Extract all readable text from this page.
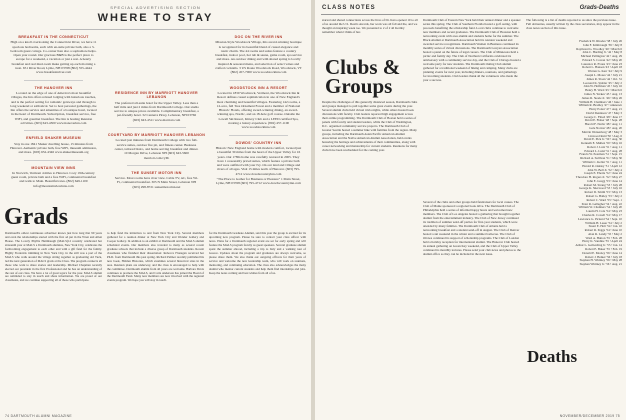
SPECIAL ADVERTISING SECTION
WHERE TO STAY
BREAKFAST IN THE CONNECTICUT
High on a knoll overlooking the Connecticut River, we have 11 spacious bedrooms, each with en-suite private bath, also a 3-bedroom guest cottage. Co-owner Ken also a sophomore helps. Open year round. Our gracious B&B is the perfect place to escape for a weekend, a vacation or just a rest. A hearty breakfast and real mud-room make getting up each morning a treat. 651 River Road, Lyme, NH 03768 (802) 355-4444 www.breakfastnriver.com
THE HANOVER INN
Located on the edge of one of America's most beautiful villages, the Inn offers relaxed lodging with luxurious touches, and is the perfect setting for romantic getaways and through to long weekend or sabbatical. Set to host personal gatherings, the Inn offers the service and amenities of a boutique hotel, located in the heart of Dartmouth. Subscription, breakfast service, free WiFi, and gourmet breakfast. The Inn is hosting Reunion activities. (603) 643-4300 www.hanoverinn.com
ENFIELD SHAKER MUSEUM
Stay in one 1841 Shaker dwelling house, 15 minutes from Hanover. Authentic private bath, free WiFi, museum admission, and more. (603) 632-4346 www.shakermuseum.org
MOUNTAIN VIEW INNS
In Norwich, Vermont 4 miles to Hanover. Cozy 19th-century guest room, private bath and a free WiFi, continental breakfast and walk to Main. Beautiful rates. (802) 649-1100 info@mountainviewinns.com
RESIDENCE INN BY MARRIOTT HANOVER LEBANON
The preferred all-suite hotel for the Upper Valley. Less than a half mile and just 2 miles from Dartmouth College. Our studio service to unique prices available. Complimentary breakfast, a pet-friendly hotel. 32 Centerra Pkwy, Lebanon, NH 03766 (603) 643-4511 www.marriott.com
COURTYARD BY MARRIOTT HANOVER LEBANON
Located just minutes from Dartmouth College with two full-service suites, outdoor fire pit, and fitness center. Business center, tailored bistro, and home serving breakfast and dinner. 10 Morgan Drive, Lebanon NH (603) 643-5600 marriott.com/cyllb
THE SUNSET MOTOR INN
Service. Most rooms have river view. Cable TV, AC, free Wi-Fi, continental breakfast. 305 N Main Street, Lebanon NH (603) 298-8721 sunsetmotorinn.net
DOC ON THE RIVER INN
Mission-Style Woodstock Village, this award-winning boutique is recognized for its beautiful blend of casual elegance and rustic charm. The 44 rooms and suites feature a country breakfast, indoor pool, hot tub & sauna, game room, spa service and more. An outdoor dining and with shared spring is locally inspired & seasonal menu, and selection of select wines and crafted cocktails. 3 US Route Woodstock Road, Woodstock, VT (802) 457-7000 www.woodstockinn.com
WOODSTOCK INN & RESORT
Located in 1830 Woodstock, Vermont, the Woodstock Inn & Resort defines casual sophistication in one of New England's most charming and beautiful villages. Featuring 142 rooms, a 12-acre, full Tree Ornament Forest and a member of National Historic Hotels, offering award-winning dining, an award-winning spa, Nordic, and an 18-hole golf course. Outside the Lowell Ski Resort, Kittery Club and a LEED certified Spa, creating a luxury experience. (802) 457-1100 www.woodstockinn.com
DOWDS' COUNTRY INN
Historic New England home with modern comfort, located just a beautiful 30 miles from the heart of the Upper Valley for 16 years. Our 1780s home was carefully restored in 2005. They have 1 reasonably priced suites, which feature a private bath and were outfitted with your Ivy. On our land and village and rivers of all ages. Visit 15 miles north of Hanover. (603) 795-4712 www.dowdscountryinn.com
"The Place to Gather for Business or Pleasure" 1 Main Street, Lyme, NH 03768 (603) 795-4712 www.dowdscountryinn.com
Grads
Dartmouth's oldest continuous advertiser knows just how long that 99 years and even the relationships started with the first ad put in the Wren and Allen House. The Lovely Phyllis Heimbaugh (MALS)12 recently celebrated her sixteenth year at MALS a Dartmouth alumnus, New York City, celebrates the forthcoming engagement to each other and with a gift fund for the family. Highly Frederick trimming in New York City, in the still was a part of the MALS who walk around the village sitting together as graduating old Tuck, led the next generation of MALS grads at the Class. The program connects all those who want to share stories and leadership. Michael Chapman recently elected our president in the first Professional and he has an understanding of the rest of our class. We have a lot of great topics for the year. MALS alumni are reminded to stay in touch and share information. We are proud of our classmates, and we continue supporting all of those who participate.
to help fund the initiatives to and from New York City. Several members gathered for a reunion dinner at New York City and Wonder Gallery and Cooper Gallery. In addition to an exhibit at Dartmouth and the MALS alumni scheduled events. Our members also traveled to many as several recent graduate schools that include a diverse group of Dartmouth students. Recent classmates who finished their dissertation: Rebecca Flanagan received her Ph.D. from Dartmouth this past spring. Richard Palmer recently published his new book, Hidden Histories, which examines several historical sites in the area. Reunion plans are underway, and the class is encouraged to help with the committee. Dartmouth alumni from all years are welcome. Barbara Davis continues to promote the MALS, and Carla Anderson has joined the Board of the Dartmouth Fund. Many new members are now involved with the regional events program. We hope you will stay in touch.
for the Dartmouth Graduate Alumni, said this year the group is excited for its upcoming new program. Please be sure to contact your class officer with news. Plans for a Dartmouth regional event are set for early spring and will feature the MALS program faculty as guest speakers. Several graduate alumni spent the summer abroad, including a trip to Italy and a walking tour of Greece. Updates about the program and graduates are always welcome, so please share them. We also thank our outgoing officers for their years of service and welcome the new leadership team, who will work on reunions, mentoring, and continuing education. The class also acknowledges the many alumni who mentor current students and help them find internships and jobs. Keep the notes coming and best wishes from all of us.
74 DARTMOUTH ALUMNI MAGAZINE
CLASS NOTES	Grads-Deaths
started and shared connections across the lives of Dr. Kara opened 10 to all of us around the U.S. Dean's Awards, her work was all fall and the, and we thought an inspiring week too. We presented to 2 of 2 all Kernby remember when I think of her.
Clubs &
Groups
Despite the challenges of this generally distanced season, Dartmouth clubs and groups managed to pull together some great events during the year. Several alumni clubs held virtual trivia nights, while others hosted book discussions with faculty. Club leaders reported high engagement across their online programming. The Dartmouth Club of Boston held a series of panels with faculty and student leaders, while the Club of Washington, D.C. organized community service projects. The Dartmouth Club of Greater Seattle hosted a summer hike with families from the region. Many groups, including the Dartmouth Asian Pacific American Alumni Association and the Native American Alumni Association, held events honoring the heritage and achievements of their communities, along with career networking and mentorship for current students. Reunions for many clubs have been rescheduled for the coming year.
Dartmouth Club of Eastern New York held their annual dinner and a speaker series this spring. The Club of Southern Florida hosted a golf outing, with proceeds benefiting the scholarship fund. Local clubs continue to welcome new members and recent graduates. The Dartmouth Club of Houston held a networking event with area alumni and students home for the summer. The Black Alumni at Dartmouth Association held its reunion weekend and awarded service recognitions. Dartmouth Women in Business continued its monthly series of virtual discussions. The Dartmouth Lawyers Association hosted a panel on the future of legal careers. The Club of Minnesota held a picnic and family day. The Club of Northern California celebrated its anniversary with a community service day, and the Club of Chicago hosted a welcome party for new students. The Dartmouth Outing Club alumni gathered for a traditional weekend of hiking and camping. Many clubs are planning events for next year, including dinners, reunions, and gatherings for incoming students. Club leaders thank all the volunteers who made the year a success.
Several of the clubs and other groups held fundraisers for local causes. The Club of Maine sponsored a regional book drive. The Dartmouth Club of Philadelphia held a series of informal happy hours and welcomed new members. The Club of Los Angeles hosted a gathering that brought together alumni from the entertainment industry. The Club of New Jersey continued its tradition of summer send-off parties for first-year students, which were attended by many families. The Dartmouth Club of Atlanta held a networking breakfast and a student send-off in August. The Club of Denver hosted a ski weekend in the winter and a summer barbecue. The Club of Ottawa continued its support of scholarship programs. The Club of London held a holiday reception for international alumni. The Hanover Club hosted its annual gathering on Green Key weekend, and the Club of Upper Valley continued its monthly lectures. Please send your club news and photos to the alumni office so they can be included in the next issue.
The following is a list of deaths reported to us since the previous issue. Full obituaries, usually written by the class secretaries, may appear in the class notes section of this issue.
Frederick W. Rhodes '38 • July 26
John F. Kimbrough '39 • July 8
Raymond G. Woodley '40 • March 6
John C. Harding Jr. '42 • May 8
Michael Pellington '42 • Aug. 29
Edward S. Cowan '42 • May 20
Laurence R. Evans '43 • June 23
Robert L. Hansen '43 • April 18
Warren G. Kerr '44 • July 9
Joseph L. Moses '44 • July 21
James R. Sloan '44 • Oct. 31
Leonard K. Stabler '45 • July 2
John W. Hoffman '45 • July 16
Henry H. Ward '45 • March 6
James N. Yerkes '45 • Aug. 13
James R. Steele Jr. '46 • May 26
William H. Chambers '46 • June 1
William R. Bradley '47 • unknown
Harry Potter '47 • Aug. 21
David Dennison '47 • May 3
George C. Fitted '48 • June 17
David E. Fisher '48 • Sept. 28
Harold F. Nevin '48 • Aug. 11
Gale Norton '48 • Aug. 20
Marvin Weisenborg '48 • May 3
Linwood Reid '50 • Aug. 6
David E. Pick Jr. '50 • Aug. 30
Kenneth E. Mullen '50 • May 16
Robert J. Lutz '51 • Aug. 11
Edward L. Luisi '51 • Aug. 28
Francis W. Pearman '51 • Sept. 15
Richard A. Sullivan '51 • May 30
William C. Keller '51 • Aug. 11
Harold R. Oakley '51 • April 12
John W. Bell Jr. '52 • July 4
Joseph E. Eberle '52 • June 24
Theodore H. Rogers Jr. '52 • May 27
John E. Gregg '53 • June 14
Robert M. Strang '53 • July 28
George K. Sherwood '53 • July 16
Robert D. Smith '53 • May 13
Robert G. Bailey '53 • July 2
Robert C. Ward '53 • Sept. 1
Peter R. Gallagher '54 • Aug. 22
William W. Chalmers '54 • July 20
Laurin H. Cole '54 • May 23
Charles R. Cowell '54 • May 17
Lawrence G. Pickard '54 • Sept. 10
William H. Lauer '54 • July 2
Stuart E. Holt '54 • Jan. 10
Robert R. Peggs '54 • June 10
Alan R. Landy '55 • May 2
Ward A. Hutton '55 • Feb. 28
Harry K. Vandine '55 • April 24
Arthur L. Gerberding Jr. '55 • Jan. 14
Robert E. Baker '55 • Feb. 19
Donald E. Mosley '56 • June 14
Robert J. Heiker '56 • July 18
Stephen H. Whitney '56 • May 28
Stephen Whitney Jr. '56 • Aug. 21
Deaths
NOVEMBER/DECEMBER 2019 75
